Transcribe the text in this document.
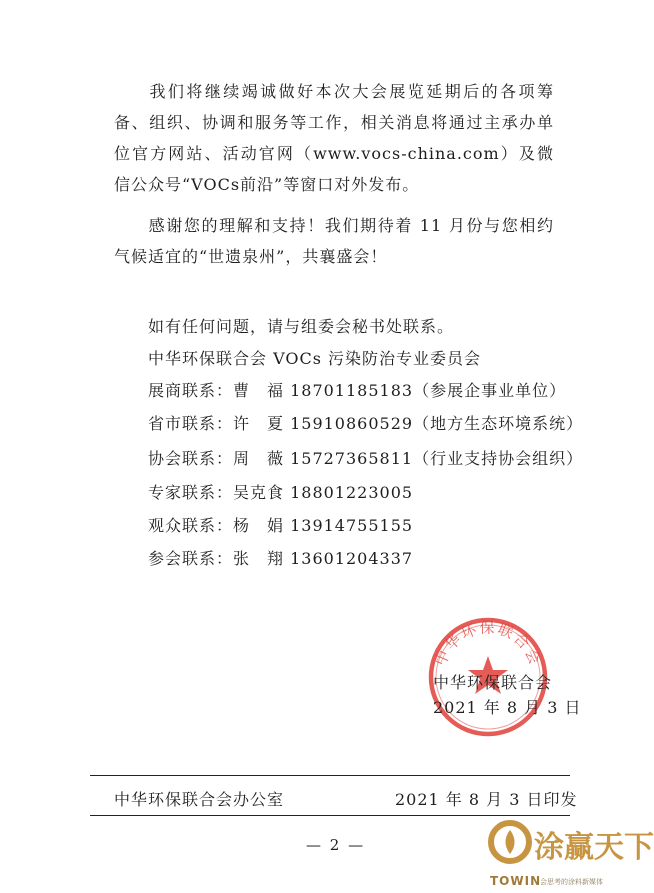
我们将继续竭诚做好本次大会展览延期后的各项筹备、组织、协调和服务等工作，相关消息将通过主承办单位官方网站、活动官网（www.vocs-china.com）及微信公众号“VOCs前沿”等窗口对外发布。

感谢您的理解和支持！我们期待着 11 月份与您相约气候适宜的“世遗泉州”，共襄盛会！

如有任何问题，请与组委会秘书处联系。

中华环保联合会 VOCs 污染防治专业委员会

展商联系：曹　福 18701185183（参展企事业单位）

省市联系：许　夏 15910860529（地方生态环境系统）

协会联系：周　薇 15727365811（行业支持协会组织）

专家联系：吴克食 18801223005

观众联系：杨　娟 13914755155

参会联系：张　翔 13601204337

中华环保联合会
中华环保联合会
2021 年 8 月 3 日
中华环保联合会办公室	2021 年 8 月 3 日印发
— 2 —	涂赢天下
TOWIN
会思考的涂料新媒体
